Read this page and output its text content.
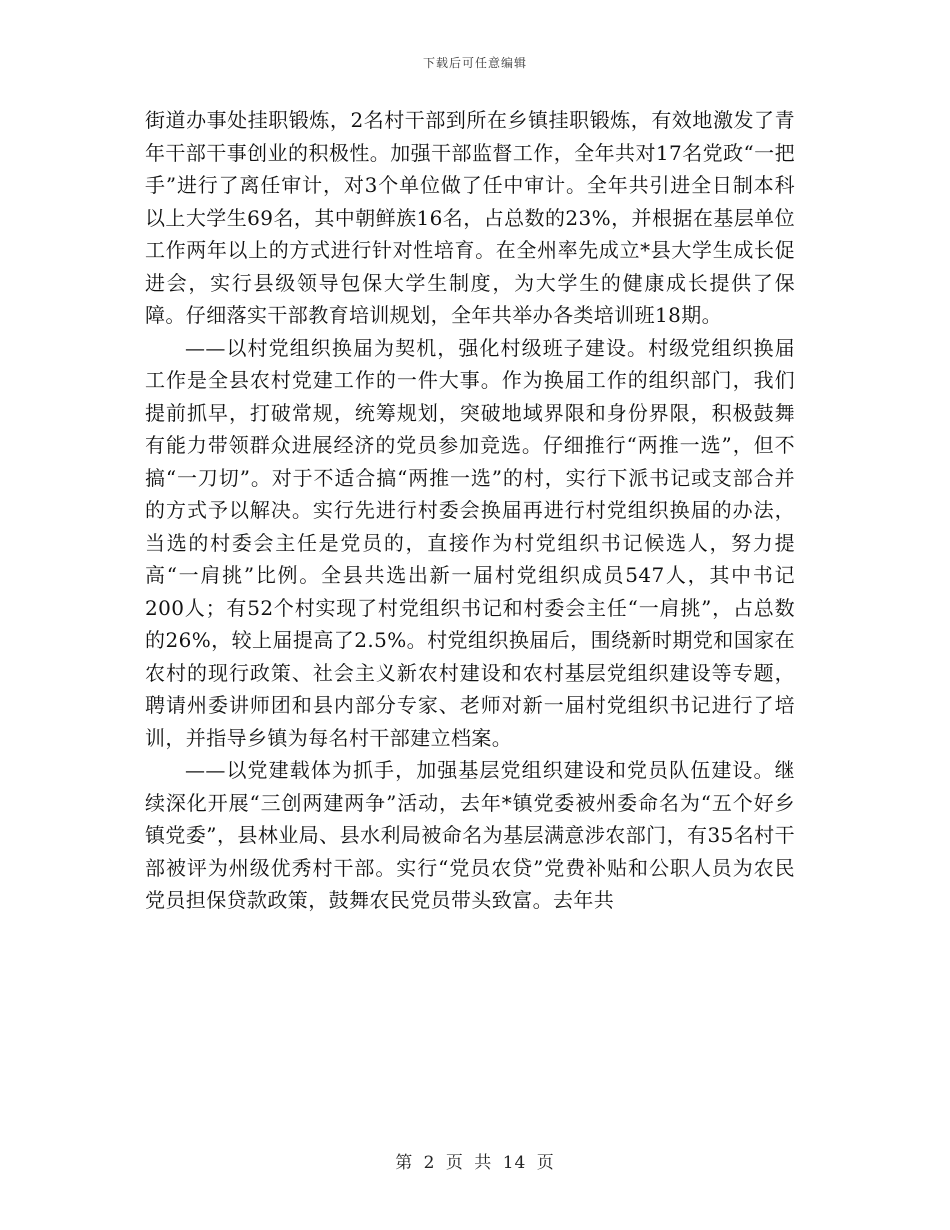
下载后可任意编辑

街道办事处挂职锻炼，2名村干部到所在乡镇挂职锻炼，有效地激发了青年干部干事创业的积极性。加强干部监督工作，全年共对17名党政“一把手”进行了离任审计，对3个单位做了任中审计。全年共引进全日制本科以上大学生69名，其中朝鲜族16名，占总数的23%，并根据在基层单位工作两年以上的方式进行针对性培育。在全州率先成立*县大学生成长促进会，实行县级领导包保大学生制度，为大学生的健康成长提供了保障。仔细落实干部教育培训规划，全年共举办各类培训班18期。

——以村党组织换届为契机，强化村级班子建设。村级党组织换届工作是全县农村党建工作的一件大事。作为换届工作的组织部门，我们提前抓早，打破常规，统筹规划，突破地域界限和身份界限，积极鼓舞有能力带领群众进展经济的党员参加竞选。仔细推行“两推一选”，但不搞“一刀切”。对于不适合搞“两推一选”的村，实行下派书记或支部合并的方式予以解决。实行先进行村委会换届再进行村党组织换届的办法，当选的村委会主任是党员的，直接作为村党组织书记候选人，努力提高“一肩挑”比例。全县共选出新一届村党组织成员547人，其中书记200人；有52个村实现了村党组织书记和村委会主任“一肩挑”，占总数的26%，较上届提高了2.5%。村党组织换届后，围绕新时期党和国家在农村的现行政策、社会主义新农村建设和农村基层党组织建设等专题，聘请州委讲师团和县内部分专家、老师对新一届村党组织书记进行了培训，并指导乡镇为每名村干部建立档案。

——以党建载体为抓手，加强基层党组织建设和党员队伍建设。继续深化开展“三创两建两争”活动，去年*镇党委被州委命名为“五个好乡镇党委”，县林业局、县水利局被命名为基层满意涉农部门，有35名村干部被评为州级优秀村干部。实行“党员农贷”党费补贴和公职人员为农民党员担保贷款政策，鼓舞农民党员带头致富。去年共

第 2 页 共 14 页
